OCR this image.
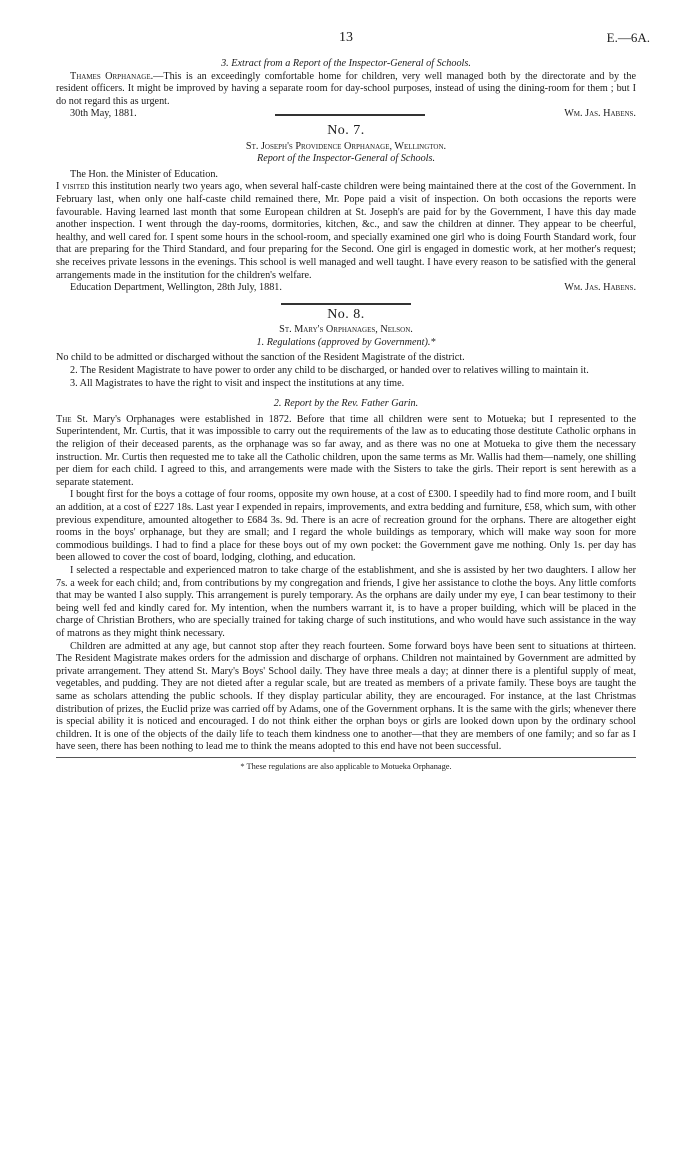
13	E.—6A.
3. Extract from a Report of the Inspector-General of Schools.

Thames Orphanage.—This is an exceedingly comfortable home for children, very well managed both by the directorate and by the resident officers. It might be improved by having a separate room for day-school purposes, instead of using the dining-room for them ; but I do not regard this as urgent.

30th May, 1881.	Wm. Jas. Habens.
No. 7.
St. Joseph's Providence Orphanage, Wellington.
Report of the Inspector-General of Schools.

The Hon. the Minister of Education.

I visited this institution nearly two years ago, when several half-caste children were being maintained there at the cost of the Government. In February last, when only one half-caste child remained there, Mr. Pope paid a visit of inspection. On both occasions the reports were favourable. Having learned last month that some European children at St. Joseph's are paid for by the Government, I have this day made another inspection. I went through the day-rooms, dormitories, kitchen, &c., and saw the children at dinner. They appear to be cheerful, healthy, and well cared for. I spent some hours in the school-room, and specially examined one girl who is doing Fourth Standard work, four that are preparing for the Third Standard, and four preparing for the Second. One girl is engaged in domestic work, at her mother's request; she receives private lessons in the evenings. This school is well managed and well taught. I have every reason to be satisfied with the general arrangements made in the institution for the children's welfare.

Education Department, Wellington, 28th July, 1881.	Wm. Jas. Habens.
No. 8.
St. Mary's Orphanages, Nelson.
1. Regulations (approved by Government).*

No child to be admitted or discharged without the sanction of the Resident Magistrate of the district.

2. The Resident Magistrate to have power to order any child to be discharged, or handed over to relatives willing to maintain it.

3. All Magistrates to have the right to visit and inspect the institutions at any time.

2. Report by the Rev. Father Garin.

The St. Mary's Orphanages were established in 1872. Before that time all children were sent to Motueka; but I represented to the Superintendent, Mr. Curtis, that it was impossible to carry out the requirements of the law as to educating those destitute Catholic orphans in the religion of their deceased parents, as the orphanage was so far away, and as there was no one at Motueka to give them the necessary instruction. Mr. Curtis then requested me to take all the Catholic children, upon the same terms as Mr. Wallis had them—namely, one shilling per diem for each child. I agreed to this, and arrangements were made with the Sisters to take the girls. Their report is sent herewith as a separate statement.

I bought first for the boys a cottage of four rooms, opposite my own house, at a cost of £300. I speedily had to find more room, and I built an addition, at a cost of £227 18s. Last year I expended in repairs, improvements, and extra bedding and furniture, £58, which sum, with other previous expenditure, amounted altogether to £684 3s. 9d. There is an acre of recreation ground for the orphans. There are altogether eight rooms in the boys' orphanage, but they are small; and I regard the whole buildings as temporary, which will make way soon for more commodious buildings. I had to find a place for these boys out of my own pocket: the Government gave me nothing. Only 1s. per day has been allowed to cover the cost of board, lodging, clothing, and education.

I selected a respectable and experienced matron to take charge of the establishment, and she is assisted by her two daughters. I allow her 7s. a week for each child; and, from contributions by my congregation and friends, I give her assistance to clothe the boys. Any little comforts that may be wanted I also supply. This arrangement is purely temporary. As the orphans are daily under my eye, I can bear testimony to their being well fed and kindly cared for. My intention, when the numbers warrant it, is to have a proper building, which will be placed in the charge of Christian Brothers, who are specially trained for taking charge of such institutions, and who would have such assistance in the way of matrons as they might think necessary.

Children are admitted at any age, but cannot stop after they reach fourteen. Some forward boys have been sent to situations at thirteen. The Resident Magistrate makes orders for the admission and discharge of orphans. Children not maintained by Government are admitted by private arrangement. They attend St. Mary's Boys' School daily. They have three meals a day; at dinner there is a plentiful supply of meat, vegetables, and pudding. They are not dieted after a regular scale, but are treated as members of a private family. These boys are taught the same as scholars attending the public schools. If they display particular ability, they are encouraged. For instance, at the last Christmas distribution of prizes, the Euclid prize was carried off by Adams, one of the Government orphans. It is the same with the girls; whenever there is special ability it is noticed and encouraged. I do not think either the orphan boys or girls are looked down upon by the ordinary school children. It is one of the objects of the daily life to teach them kindness one to another—that they are members of one family; and so far as I have seen, there has been nothing to lead me to think the means adopted to this end have not been successful.

* These regulations are also applicable to Motueka Orphanage.
